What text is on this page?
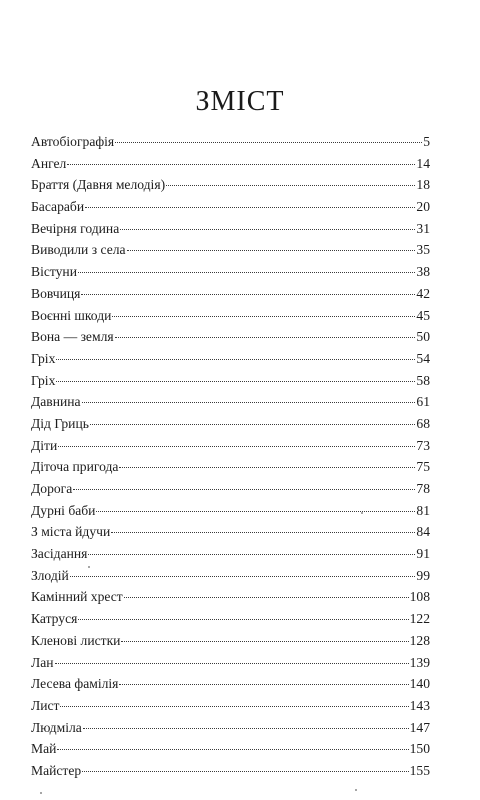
ЗМІСТ
Автобіографія	5
Ангел	14
Браття (Давня мелодія)	18
Басараби	20
Вечірня година	31
Виводили з села	35
Вістуни	38
Вовчиця	42
Воєнні шкоди	45
Вона — земля	50
Гріх	54
Гріх	58
Давнина	61
Дід Гриць	68
Діти	73
Діточа пригода	75
Дорога	78
Дурні баби	81
З міста йдучи	84
Засідання	91
Злодій	99
Камінний хрест	108
Катруся	122
Кленові листки	128
Лан	139
Лесева фамілія	140
Лист	143
Людміла	147
Май	150
Майстер	155
